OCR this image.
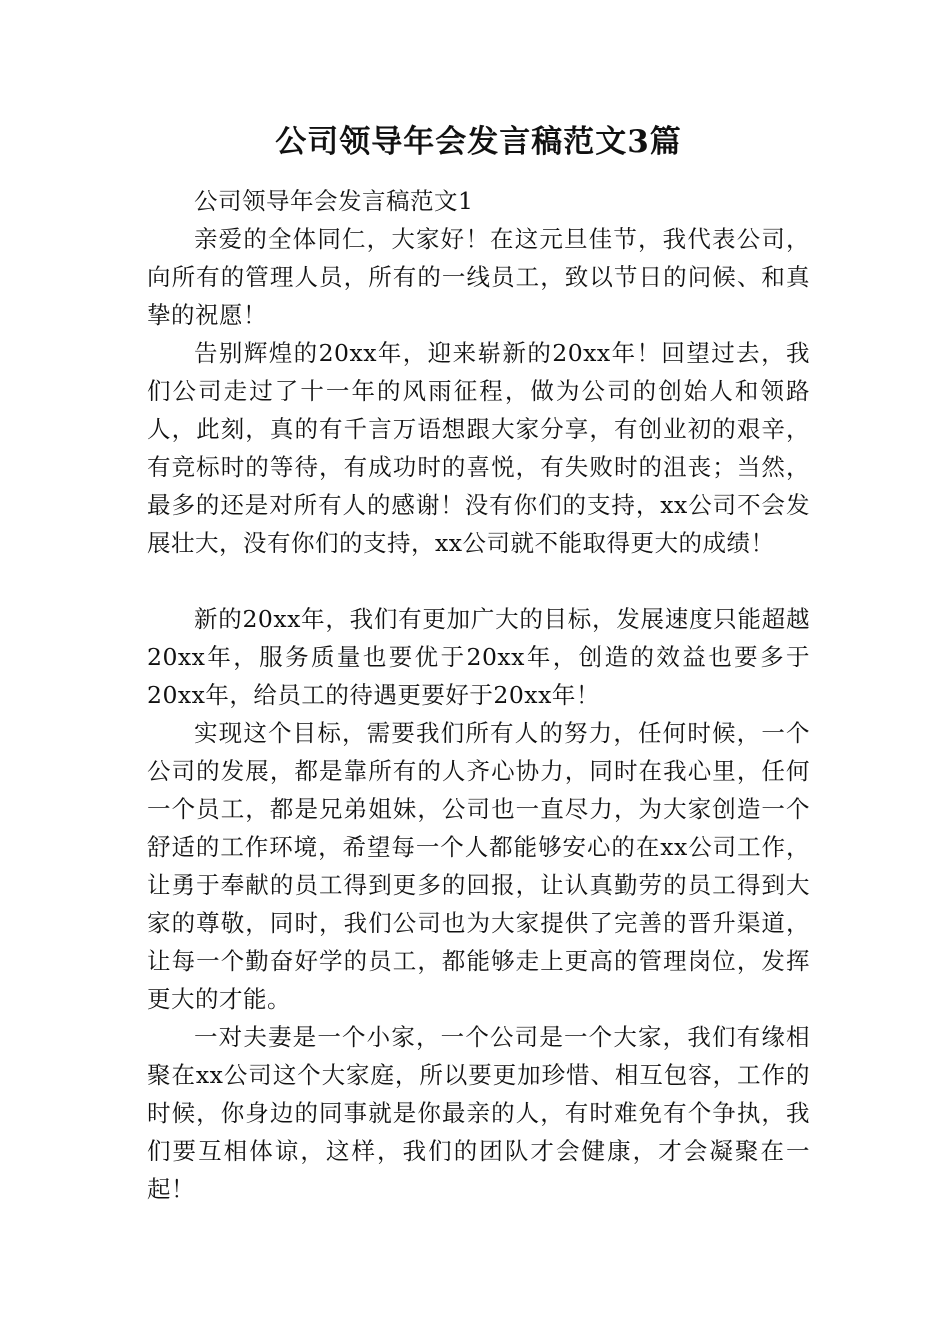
公司领导年会发言稿范文3篇

公司领导年会发言稿范文1

亲爱的全体同仁，大家好！在这元旦佳节，我代表公司，向所有的管理人员，所有的一线员工，致以节日的问候、和真挚的祝愿！

告别辉煌的20xx年，迎来崭新的20xx年！回望过去，我们公司走过了十一年的风雨征程，做为公司的创始人和领路人，此刻，真的有千言万语想跟大家分享，有创业初的艰辛，有竞标时的等待，有成功时的喜悦，有失败时的沮丧；当然，最多的还是对所有人的感谢！没有你们的支持，xx公司不会发展壮大，没有你们的支持，xx公司就不能取得更大的成绩！

新的20xx年，我们有更加广大的目标，发展速度只能超越20xx年，服务质量也要优于20xx年，创造的效益也要多于20xx年，给员工的待遇更要好于20xx年！

实现这个目标，需要我们所有人的努力，任何时候，一个公司的发展，都是靠所有的人齐心协力，同时在我心里，任何一个员工，都是兄弟姐妹，公司也一直尽力，为大家创造一个舒适的工作环境，希望每一个人都能够安心的在xx公司工作，让勇于奉献的员工得到更多的回报，让认真勤劳的员工得到大家的尊敬，同时，我们公司也为大家提供了完善的晋升渠道，让每一个勤奋好学的员工，都能够走上更高的管理岗位，发挥更大的才能。

一对夫妻是一个小家，一个公司是一个大家，我们有缘相聚在xx公司这个大家庭，所以要更加珍惜、相互包容，工作的时候，你身边的同事就是你最亲的人，有时难免有个争执，我们要互相体谅，这样，我们的团队才会健康，才会凝聚在一起！
